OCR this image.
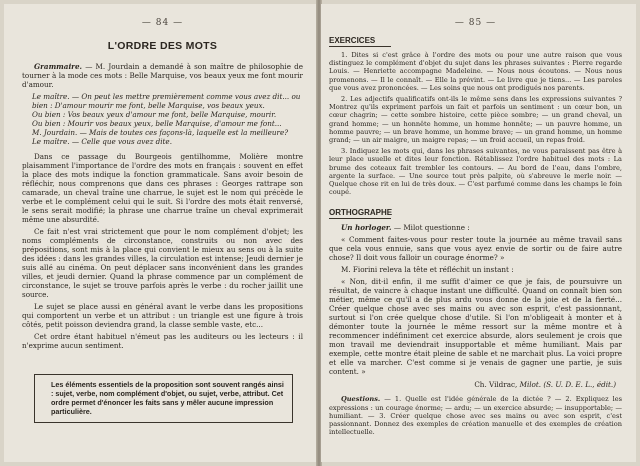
— 84 —
L'ORDRE DES MOTS

Grammaire. — M. Jourdain a demandé à son maître de philosophie de tourner à la mode ces mots : Belle Marquise, vos beaux yeux me font mourir d'amour.

Le maître. — On peut les mettre premièrement comme vous avez dit... ou bien : D'amour mourir me font, belle Marquise, vos beaux yeux.
Ou bien : Vos beaux yeux d'amour me font, belle Marquise, mourir.
Ou bien : Mourir vos beaux yeux, belle Marquise, d'amour me font...
M. Jourdain. — Mais de toutes ces façons-là, laquelle est la meilleure?
Le maître. — Celle que vous avez dite.

Dans ce passage du Bourgeois gentilhomme, Molière montre plaisamment l'importance de l'ordre des mots en français : souvent en effet la place des mots indique la fonction grammaticale. Sans avoir besoin de réfléchir, nous comprenons que dans ces phrases : Georges rattrape son camarade, un cheval traîne une charrue, le sujet est le nom qui précède le verbe et le complément celui qui le suit. Si l'ordre des mots était renversé, le sens serait modifié; la phrase une charrue traîne un cheval exprimerait même une absurdité.

Ce fait n'est vrai strictement que pour le nom complément d'objet; les noms compléments de circonstance, construits ou non avec des prépositions, sont mis à la place qui convient le mieux au sens ou à la suite des idées : dans les grandes villes, la circulation est intense; Jeudi dernier je suis allé au cinéma. On peut déplacer sans inconvénient dans les grandes villes, et jeudi dernier. Quand la phrase commence par un complément de circonstance, le sujet se trouve parfois après le verbe : du rocher jaillit une source.

Le sujet se place aussi en général avant le verbe dans les propositions qui comportent un verbe et un attribut : un triangle est une figure à trois côtés, petit poisson deviendra grand, la classe semble vaste, etc...

Cet ordre étant habituel n'émeut pas les auditeurs ou les lecteurs : il n'exprime aucun sentiment.

Les éléments essentiels de la proposition sont souvent rangés ainsi : sujet, verbe, nom complément d'objet, ou sujet, verbe, attribut. Cet ordre permet d'énoncer les faits sans y mêler aucune impression particulière.
— 85 —
EXERCICES

1. Dites si c'est grâce à l'ordre des mots ou pour une autre raison que vous distinguez le complément d'objet du sujet dans les phrases suivantes : Pierre regarde Louis. — Henriette accompagne Madeleine. — Nous nous écoutons. — Nous nous promenons. — Il le connaît. — Elle la prévint. — Le livre que je tiens... — Les paroles que vous avez prononcées. — Les soins que nous ont prodigués nos parents.

2. Les adjectifs qualificatifs ont-ils le même sens dans les expressions suivantes ? Montrez qu'ils expriment parfois un fait et parfois un sentiment : un cœur bon, un cœur chagrin; — cette sombre histoire, cette pièce sombre; — un grand cheval, un grand homme; — un honnête homme, un homme honnête; — un pauvre homme, un homme pauvre; — un brave homme, un homme brave; — un grand homme, un homme grand; — un air maigre, un maigre repas; — un froid accueil, un repas froid.

3. Indiquez les mots qui, dans les phrases suivantes, ne vous paraissent pas être à leur place usuelle et dites leur fonction. Rétablissez l'ordre habituel des mots : La brume des coteaux fait trembler les contours. — Au bord de l'eau, dans l'ombre, argente la surface. — Une source tout près palpite, où s'abreuve le merle noir. — Quelque chose rit en lui de très doux. — C'est parfumé comme dans les champs le foin coupé.

ORTHOGRAPHE

Un horloger. — Milot questionne :

« Comment faites-vous pour rester toute la journée au même travail sans que cela vous ennuie, sans que vous ayez envie de sortir ou de faire autre chose? Il doit vous falloir un courage énorme? »

M. Fiorini releva la tête et réfléchit un instant :

« Non, dit-il enfin, il me suffit d'aimer ce que je fais, de poursuivre un résultat, de vaincre à chaque instant une difficulté. Quand on connaît bien son métier, même ce qu'il a de plus ardu vous donne de la joie et de la fierté... Créer quelque chose avec ses mains ou avec son esprit, c'est passionnant, surtout si l'on crée quelque chose d'utile. Si l'on m'obligeait à monter et à démonter toute la journée le même ressort sur la même montre et à recommencer indéfiniment cet exercice absurde, alors seulement je crois que mon travail me deviendrait insupportable et même humiliant. Mais par exemple, cette montre était pleine de sable et ne marchait plus. La voici propre et elle va marcher. C'est comme si je venais de gagner une partie, je suis content. »

Ch. Vildrac, Milot. (S. U. D. E. L., édit.)

Questions. — 1. Quelle est l'idée générale de la dictée ? — 2. Expliquez les expressions : un courage énorme; — ardu; — un exercice absurde; — insupportable; — humiliant. — 3. Créer quelque chose avec ses mains ou avec son esprit, c'est passionnant. Donnez des exemples de création manuelle et des exemples de création intellectuelle.
